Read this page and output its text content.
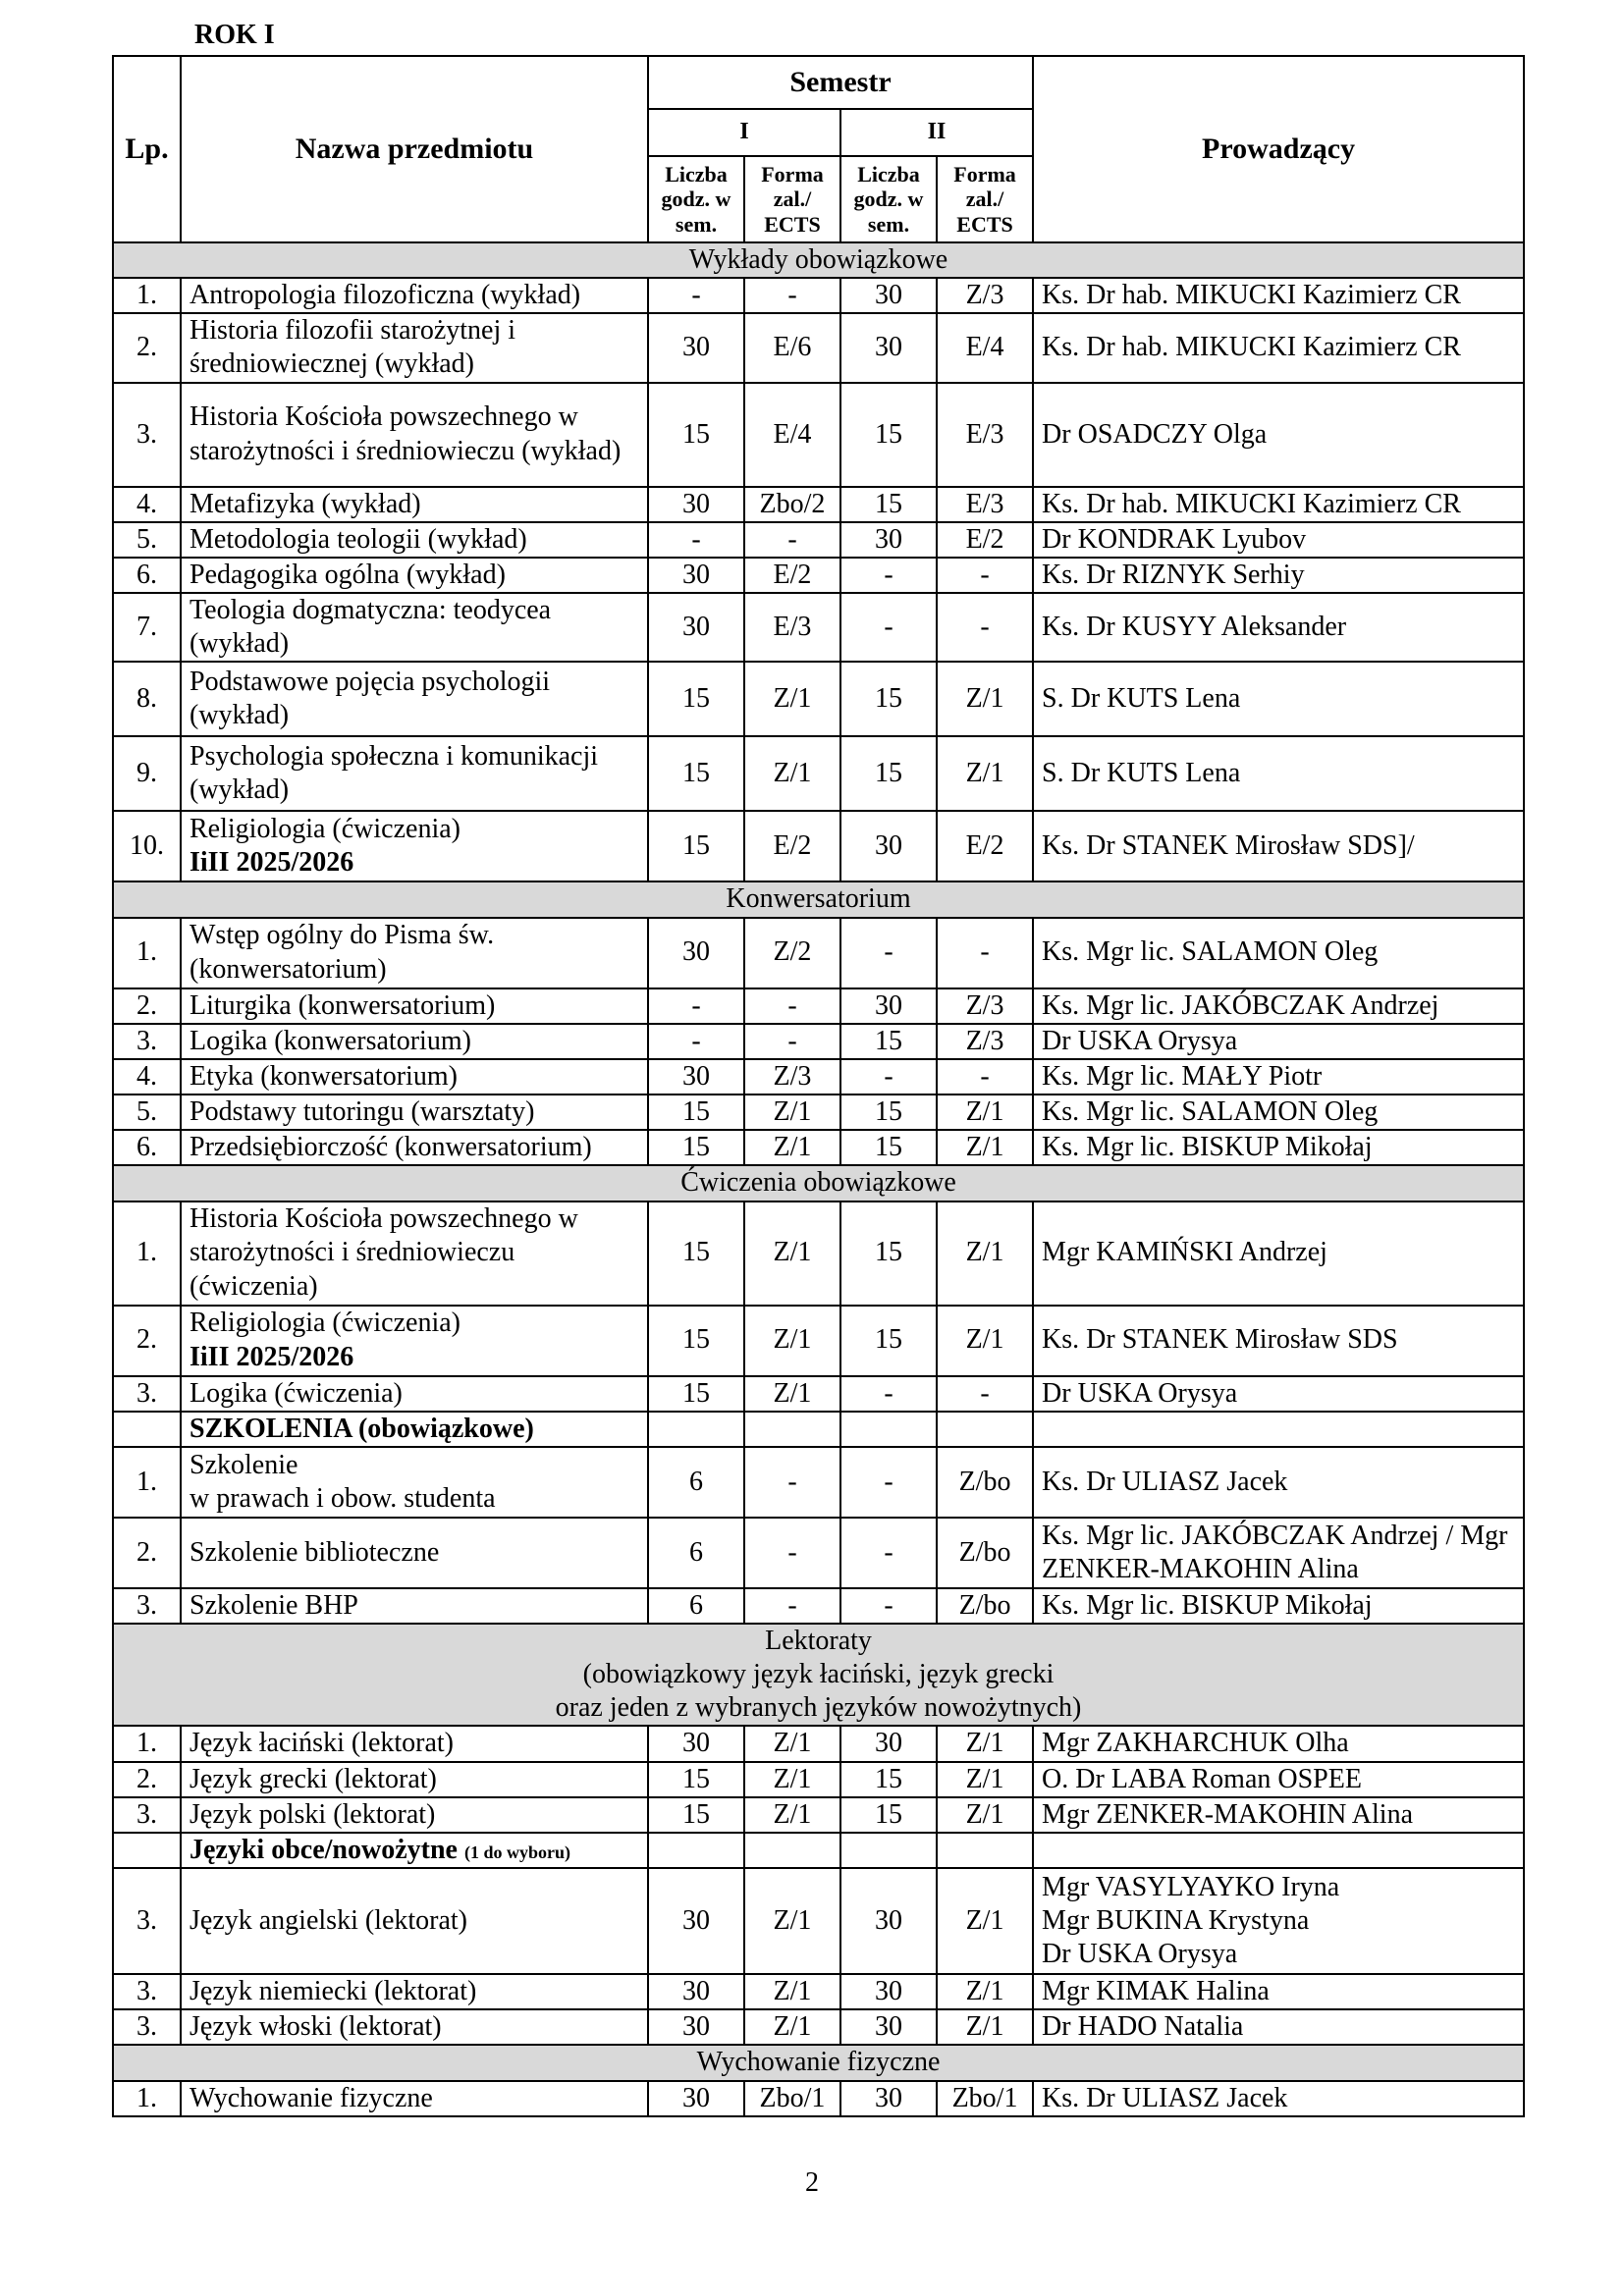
ROK I
Lp.	Nazwa przedmiotu	Semestr				Prowadzący
		I		II		
		Liczba godz. w sem.	Forma zal./ ECTS	Liczba godz. w sem.	Forma zal./ ECTS	
Wykłady obowiązkowe						
1.	Antropologia filozoficzna (wykład)	-	-	30	Z/3	Ks. Dr hab. MIKUCKI Kazimierz CR
2.	Historia filozofii starożytnej i średniowiecznej (wykład)	30	E/6	30	E/4	Ks. Dr hab. MIKUCKI Kazimierz CR
3.	Historia Kościoła powszechnego w starożytności i średniowieczu (wykład)	15	E/4	15	E/3	Dr OSADCZY Olga
4.	Metafizyka (wykład)	30	Zbo/2	15	E/3	Ks. Dr hab. MIKUCKI Kazimierz CR
5.	Metodologia teologii (wykład)	-	-	30	E/2	Dr KONDRAK Lyubov
6.	Pedagogika ogólna (wykład)	30	E/2	-	-	Ks. Dr RIZNYK Serhiy
7.	Teologia dogmatyczna: teodycea (wykład)	30	E/3	-	-	Ks. Dr KUSYY Aleksander
8.	Podstawowe pojęcia psychologii (wykład)	15	Z/1	15	Z/1	S. Dr KUTS Lena
9.	Psychologia społeczna i komunikacji (wykład)	15	Z/1	15	Z/1	S. Dr KUTS Lena
10.	Religiologia (ćwiczenia)
IiII 2025/2026	15	E/2	30	E/2	Ks. Dr STANEK Mirosław SDS]/
Konwersatorium						
1.	Wstęp ogólny do Pisma św. (konwersatorium)	30	Z/2	-	-	Ks. Mgr lic. SALAMON Oleg
2.	Liturgika (konwersatorium)	-	-	30	Z/3	Ks. Mgr lic. JAKÓBCZAK Andrzej
3.	Logika (konwersatorium)	-	-	15	Z/3	Dr USKA Orysya
4.	Etyka (konwersatorium)	30	Z/3	-	-	Ks. Mgr lic. MAŁY Piotr
5.	Podstawy tutoringu (warsztaty)	15	Z/1	15	Z/1	Ks. Mgr lic. SALAMON Oleg
6.	Przedsiębiorczość (konwersatorium)	15	Z/1	15	Z/1	Ks. Mgr lic. BISKUP Mikołaj
Ćwiczenia obowiązkowe						
1.	Historia Kościoła powszechnego w starożytności i średniowieczu (ćwiczenia)	15	Z/1	15	Z/1	Mgr KAMIŃSKI Andrzej
2.	Religiologia (ćwiczenia)
IiII 2025/2026	15	Z/1	15	Z/1	Ks. Dr STANEK Mirosław SDS
3.	Logika (ćwiczenia)	15	Z/1	-	-	Dr USKA Orysya
	SZKOLENIA (obowiązkowe)					
1.	Szkolenie
w prawach i obow. studenta	6	-	-	Z/bo	Ks. Dr ULIASZ Jacek
2.	Szkolenie biblioteczne	6	-	-	Z/bo	Ks. Mgr lic. JAKÓBCZAK Andrzej / Mgr ZENKER-MAKOHIN Alina
3.	Szkolenie BHP	6	-	-	Z/bo	Ks. Mgr lic. BISKUP Mikołaj
Lektoraty
(obowiązkowy język łaciński, język grecki
oraz jeden z wybranych języków nowożytnych)						
1.	Język łaciński (lektorat)	30	Z/1	30	Z/1	Mgr ZAKHARCHUK Olha
2.	Język grecki (lektorat)	15	Z/1	15	Z/1	O. Dr LABA Roman OSPEE
3.	Język polski (lektorat)	15	Z/1	15	Z/1	Mgr ZENKER-MAKOHIN Alina
	Języki obce/nowożytne (1 do wyboru)					
3.	Język angielski (lektorat)	30	Z/1	30	Z/1	Mgr VASYLYAYKO Iryna
Mgr BUKINA Krystyna
Dr USKA Orysya
3.	Język niemiecki (lektorat)	30	Z/1	30	Z/1	Mgr KIMAK Halina
3.	Język włoski (lektorat)	30	Z/1	30	Z/1	Dr HADO Natalia
Wychowanie fizyczne						
1.	Wychowanie fizyczne	30	Zbo/1	30	Zbo/1	Ks. Dr ULIASZ Jacek
2
